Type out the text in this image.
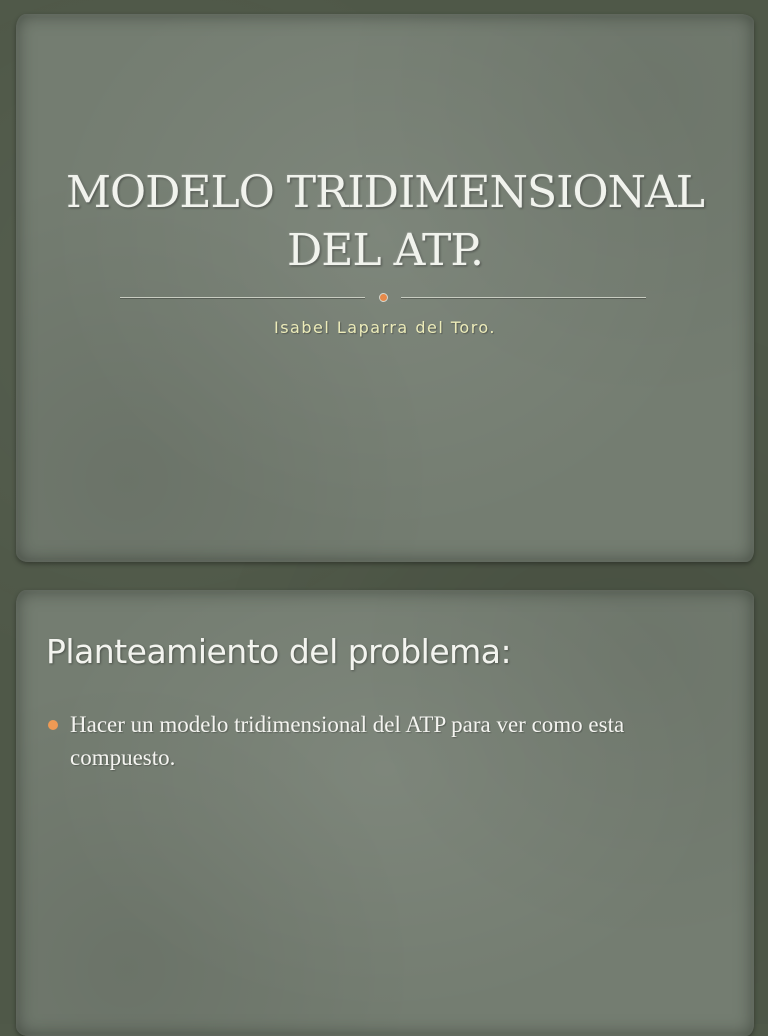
MODELO TRIDIMENSIONAL
DEL ATP.
Isabel Laparra del Toro.
Planteamiento del problema:
Hacer un modelo tridimensional del ATP para ver como esta compuesto.
